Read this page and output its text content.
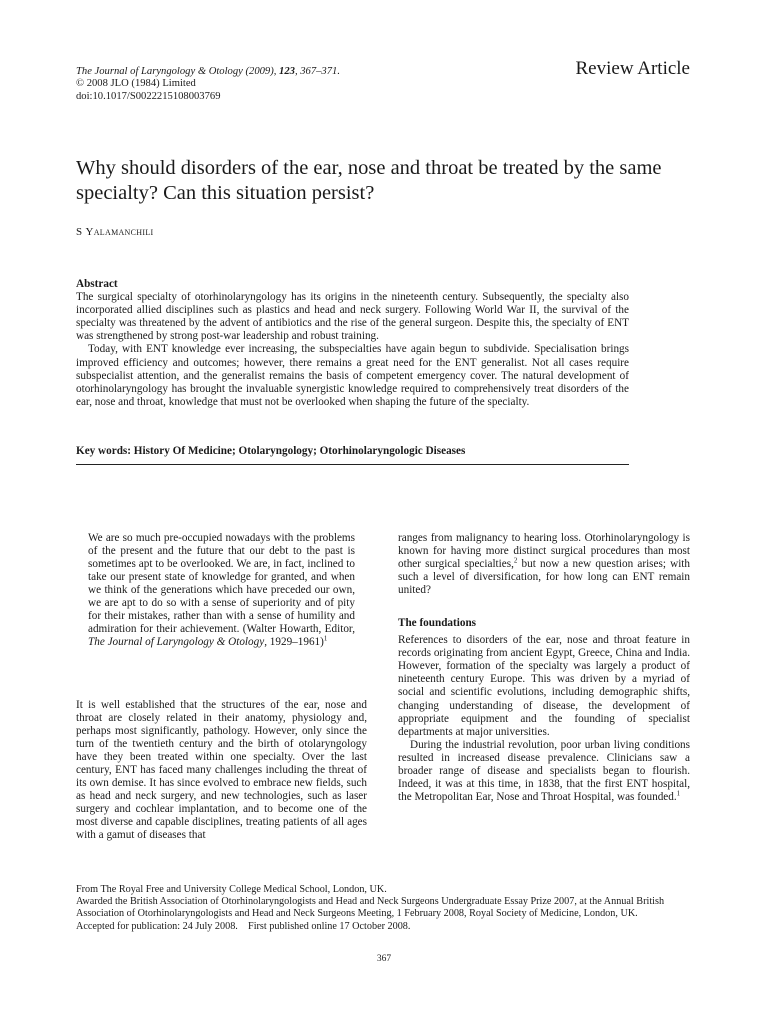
The Journal of Laryngology & Otology (2009), 123, 367–371.
© 2008 JLO (1984) Limited
doi:10.1017/S0022215108003769
Review Article
Why should disorders of the ear, nose and throat be treated by the same specialty? Can this situation persist?
S Yalamanchili

Abstract

The surgical specialty of otorhinolaryngology has its origins in the nineteenth century. Subsequently, the specialty also incorporated allied disciplines such as plastics and head and neck surgery. Following World War II, the survival of the specialty was threatened by the advent of antibiotics and the rise of the general surgeon. Despite this, the specialty of ENT was strengthened by strong post-war leadership and robust training.

Today, with ENT knowledge ever increasing, the subspecialties have again begun to subdivide. Specialisation brings improved efficiency and outcomes; however, there remains a great need for the ENT generalist. Not all cases require subspecialist attention, and the generalist remains the basis of competent emergency cover. The natural development of otorhinolaryngology has brought the invaluable synergistic knowledge required to comprehensively treat disorders of the ear, nose and throat, knowledge that must not be overlooked when shaping the future of the specialty.

Key words: History Of Medicine; Otolaryngology; Otorhinolaryngologic Diseases

We are so much pre-occupied nowadays with the problems of the present and the future that our debt to the past is sometimes apt to be overlooked. We are, in fact, inclined to take our present state of knowledge for granted, and when we think of the generations which have preceded our own, we are apt to do so with a sense of superiority and of pity for their mistakes, rather than with a sense of humility and admiration for their achievement. (Walter Howarth, Editor, The Journal of Laryngology & Otology, 1929–1961)$^1$

It is well established that the structures of the ear, nose and throat are closely related in their anatomy, physiology and, perhaps most significantly, pathology. However, only since the turn of the twentieth century and the birth of otolaryngology have they been treated within one specialty. Over the last century, ENT has faced many challenges including the threat of its own demise. It has since evolved to embrace new fields, such as head and neck surgery, and new technologies, such as laser surgery and cochlear implantation, and to become one of the most diverse and capable disciplines, treating patients of all ages with a gamut of diseases that

ranges from malignancy to hearing loss. Otorhinolaryngology is known for having more distinct surgical procedures than most other surgical specialties,$^2$ but now a new question arises; with such a level of diversification, for how long can ENT remain united?

The foundations

References to disorders of the ear, nose and throat feature in records originating from ancient Egypt, Greece, China and India. However, formation of the specialty was largely a product of nineteenth century Europe. This was driven by a myriad of social and scientific evolutions, including demographic shifts, changing understanding of disease, the development of appropriate equipment and the founding of specialist departments at major universities.

During the industrial revolution, poor urban living conditions resulted in increased disease prevalence. Clinicians saw a broader range of disease and specialists began to flourish. Indeed, it was at this time, in 1838, that the first ENT hospital, the Metropolitan Ear, Nose and Throat Hospital, was founded.$^1$

From The Royal Free and University College Medical School, London, UK.

Awarded the British Association of Otorhinolaryngologists and Head and Neck Surgeons Undergraduate Essay Prize 2007, at the Annual British Association of Otorhinolaryngologists and Head and Neck Surgeons Meeting, 1 February 2008, Royal Society of Medicine, London, UK.

Accepted for publication: 24 July 2008. First published online 17 October 2008.

367
